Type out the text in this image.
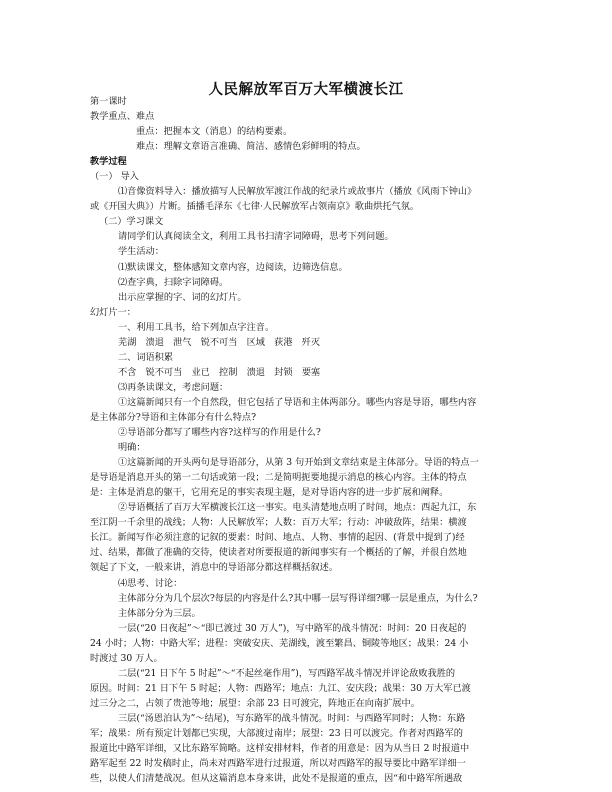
人民解放军百万大军横渡长江
第一课时
教学重点、难点
重点：把握本文（消息）的结构要素。
难点：理解文章语言准确、简洁、感情色彩鲜明的特点。
教学过程
（一） 导入
⑴音像资料导入：播放描写人民解放军渡江作战的纪录片或故事片（播放《风雨下钟山》
或《开国大典》）片断。插播毛泽东《七律·人民解放军占领南京》歌曲烘托气氛。
（二）学习课文
请同学们认真阅读全文，利用工具书扫清字词障碍，思考下列问题。
学生活动：
⑴默读课文，整体感知文章内容，边阅读，边筛选信息。
⑵查字典，扫除字词障碍。
出示应掌握的字、词的幻灯片。
幻灯片一：
一、利用工具书，给下列加点字注音。
芜湖　溃退　泄气　锐不可当　区域　荻港　歼灭
二、词语积累
不含　锐不可当　业已　控制　溃退　封锁　要塞
⑶再条读课文，考虑问题：
①这篇新闻只有一个自然段，但它包括了导语和主体两部分。哪些内容是导语，哪些内容
是主体部分?导语和主体部分有什么特点?
②导语部分都写了哪些内容?这样写的作用是什么?
明确：
①这篇新闻的开头两句是导语部分，从第 3 句开始到文章结束是主体部分。导语的特点一
是导语是消息开头的第一二句话或第一段；二是简明扼要地提示消息的核心内容。主体的特点
是：主体是消息的躯干，它用充足的事实表现主题，是对导语内容的进一步扩展和阐释。
②导语概括了百万大军横渡长江这一事实。电头清楚地点明了时间，地点：西起九江，东
至江阴一千余里的战线；人物：人民解放军；人数：百万大军；行动：冲破敌阵，结果：横渡
长江。新闻写作必须注意的记叙的要素：时间、地点、人物、事情的起因、(背景中提到了)经
过、结果，都做了准确的交待，使读者对所要报道的新闻事实有一个概括的了解，并很自然地
领起了下文，一般来讲，消息中的导语部分都这样概括叙述。
⑷思考、讨论：
主体部分分为几个层次?每层的内容是什么?其中哪一层写得详细?哪一层是重点，为什么?
主体部分分为三层。
一层(“20 日夜起”～“即已渡过 30 万人”)，写中路军的战斗情况：时间：20 日夜起的
24 小时；人物：中路大军；进程：突破安庆、芜湖线，渡至繁昌、铜陵等地区；战果：24 小
时渡过 30 万人。
二层(“21 日下午 5 时起”～“不起丝毫作用”)，写西路军战斗情况并评论敌败我胜的
原因。时间：21 日下午 5 时起；人物：西路军；地点：九江、安庆段；战果：30 万大军已渡
过三分之二，占领了贵池等地；展望：余部 23 日可渡完，阵地正在向南扩展中。
三层(“汤恩泊认为”～结尾)，写东路军的战斗情况。时间：与西路军同时；人物：东路
军；战果：所有预定计划都已实现，大部渡过南岸；展望：23 日可以渡完。作者对西路军的
报道比中路军详细，又比东路军简略。这样安排材料，作者的用意是：因为从当日 2 时报道中
路军起至 22 时发稿时止，尚未对西路军进行过报道，所以对西路军的报导要比中路军详细一
些，以使人们清楚战况。但从这篇消息本身来讲，此处不是报道的重点，因“和中路军所遇敌
